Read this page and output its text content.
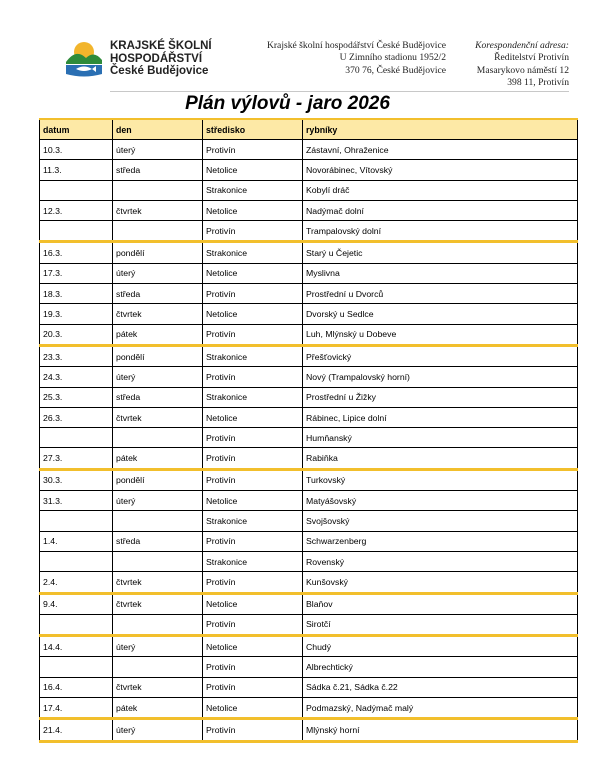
KRAJSKÉ ŠKOLNÍ
HOSPODÁŘSTVÍ
České Budějovice
Krajské školní hospodářství České Budějovice
U Zimního stadionu 1952/2
370 76, České Budějovice
Korespondenční adresa:
Ředitelství Protivín
Masarykovo náměstí 12
398 11, Protivín
Plán výlovů - jaro 2026
datum	den	středisko	rybníky
10.3.	úterý	Protivín	Zástavní, Ohraženice
11.3.	středa	Netolice	Novorábinec, Vítovský
		Strakonice	Kobylí dráč
12.3.	čtvrtek	Netolice	Nadýmač dolní
		Protivín	Trampalovský dolní
16.3.	pondělí	Strakonice	Starý u Čejetic
17.3.	úterý	Netolice	Myslivna
18.3.	středa	Protivín	Prostřední u Dvorců
19.3.	čtvrtek	Netolice	Dvorský u Sedlce
20.3.	pátek	Protivín	Luh, Mlýnský u Dobeve
23.3.	pondělí	Strakonice	Přešťovický
24.3.	úterý	Protivín	Nový (Trampalovský horní)
25.3.	středa	Strakonice	Prostřední u Žižky
26.3.	čtvrtek	Netolice	Rábinec, Lipice dolní
		Protivín	Humňanský
27.3.	pátek	Protivín	Rabiňka
30.3.	pondělí	Protivín	Turkovský
31.3.	úterý	Netolice	Matyášovský
		Strakonice	Svojšovský
1.4.	středa	Protivín	Schwarzenberg
		Strakonice	Rovenský
2.4.	čtvrtek	Protivín	Kunšovský
9.4.	čtvrtek	Netolice	Blaňov
		Protivín	Sirotčí
14.4.	úterý	Netolice	Chudý
		Protivín	Albrechtický
16.4.	čtvrtek	Protivín	Sádka č.21, Sádka č.22
17.4.	pátek	Netolice	Podmazský, Nadýmač malý
21.4.	úterý	Protivín	Mlýnský horní
